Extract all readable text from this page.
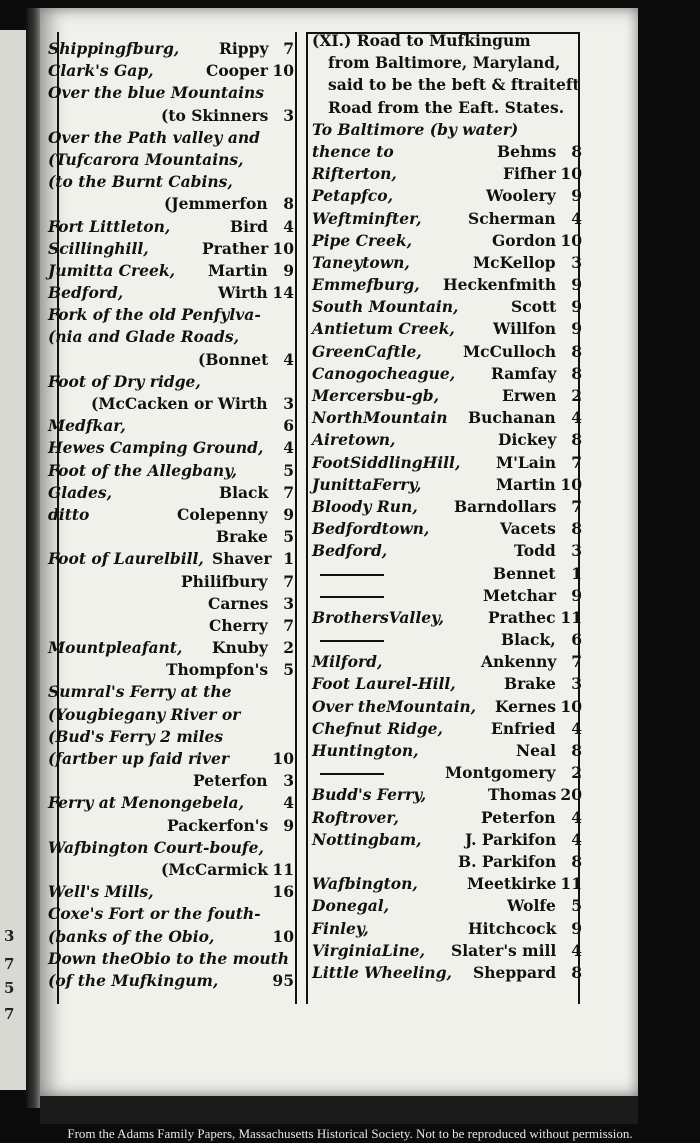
3
7
5
7
Shippingfburg,	Rippy 7
Clark's Gap,	Cooper 10
Over the blue Mountains
(to Skinners 3
Over the Path valley and
(Tufcarora Mountains,
(to the Burnt Cabins,
(Jemmerfon 8
Fort Littleton,	Bird 4
Scillinghill,	Prather 10
Jumitta Creek, Martin 9
Bedford,	Wirth 14
Fork of the old Penfylva-
(nia and Glade Roads,
(Bonnet 4
Foot of Dry ridge,
(McCacken or Wirth 3
Medfkar,	6
Hewes Camping Ground, 4
Foot of the Allegbany,	5
Glades,	Black 7
ditto	Colepenny 9
Brake 5
Foot of Laurelbill, Shaver 1
Philifbury 7
Carnes 3
Cherry 7
Mountpleafant, Knuby 2
Thompfon's 5
Sumral's Ferry at the
(Yougbiegany River or
(Bud's Ferry 2 miles
(fartber up faid river	10
Peterfon 3
Ferry at Menongebela,	4
Packerfon's 9
Wafbington Court-boufe,
(McCarmick 11
Well's Mills,	16
Coxe's Fort or the fouth-
(banks of the Obio,	10
Down theObio to the mouth
(of the Mufkingum,	95
(XI.) Road to Mufkingum
from Baltimore, Maryland,
said to be the beft & ftraiteft
Road from the Eaft. States.
To Baltimore (by water)
thence to	Behms 8
Rifterton,	Fifher 10
Petapfco,	Woolery 9
Weftminfter,	Scherman 4
Pipe Creek,	Gordon 10
Taneytown,	McKellop 3
Emmefburg, Heckenfmith 9
South Mountain,	Scott 9
Antietum Creek, Willfon 9
GreenCaftle,	McCulloch 8
Canogocheague, Ramfay 8
Mercersbu-gb,	Erwen 2
NorthMountain Buchanan 4
Airetown,	Dickey 8
FootSiddlingHill, M'Lain 7
JunittaFerry,	Martin 10
Bloody Run, Barndollars 7
Bedfordtown,	Vacets 8
Bedford,	Todd 3
Bennet 1
Metchar 9
BrothersValley,	Prathec 11
Black, 6
Milford,	Ankenny 7
Foot Laurel-Hill,	Brake 3
Over theMountain, Kernes 10
Chefnut Ridge,	Enfried 4
Huntington,	Neal 8
Montgomery 2
Budd's Ferry,	Thomas 20
Roftrover,	Peterfon 4
Nottingbam,	J. Parkifon 4
B. Parkifon 8
Wafbington,	Meetkirke 11
Donegal,	Wolfe 5
Finley,	Hitchcock 9
VirginiaLine, Slater's mill 4
Little Wheeling, Sheppard 8
From the Adams Family Papers, Massachusetts Historical Society. Not to be reproduced without permission.
